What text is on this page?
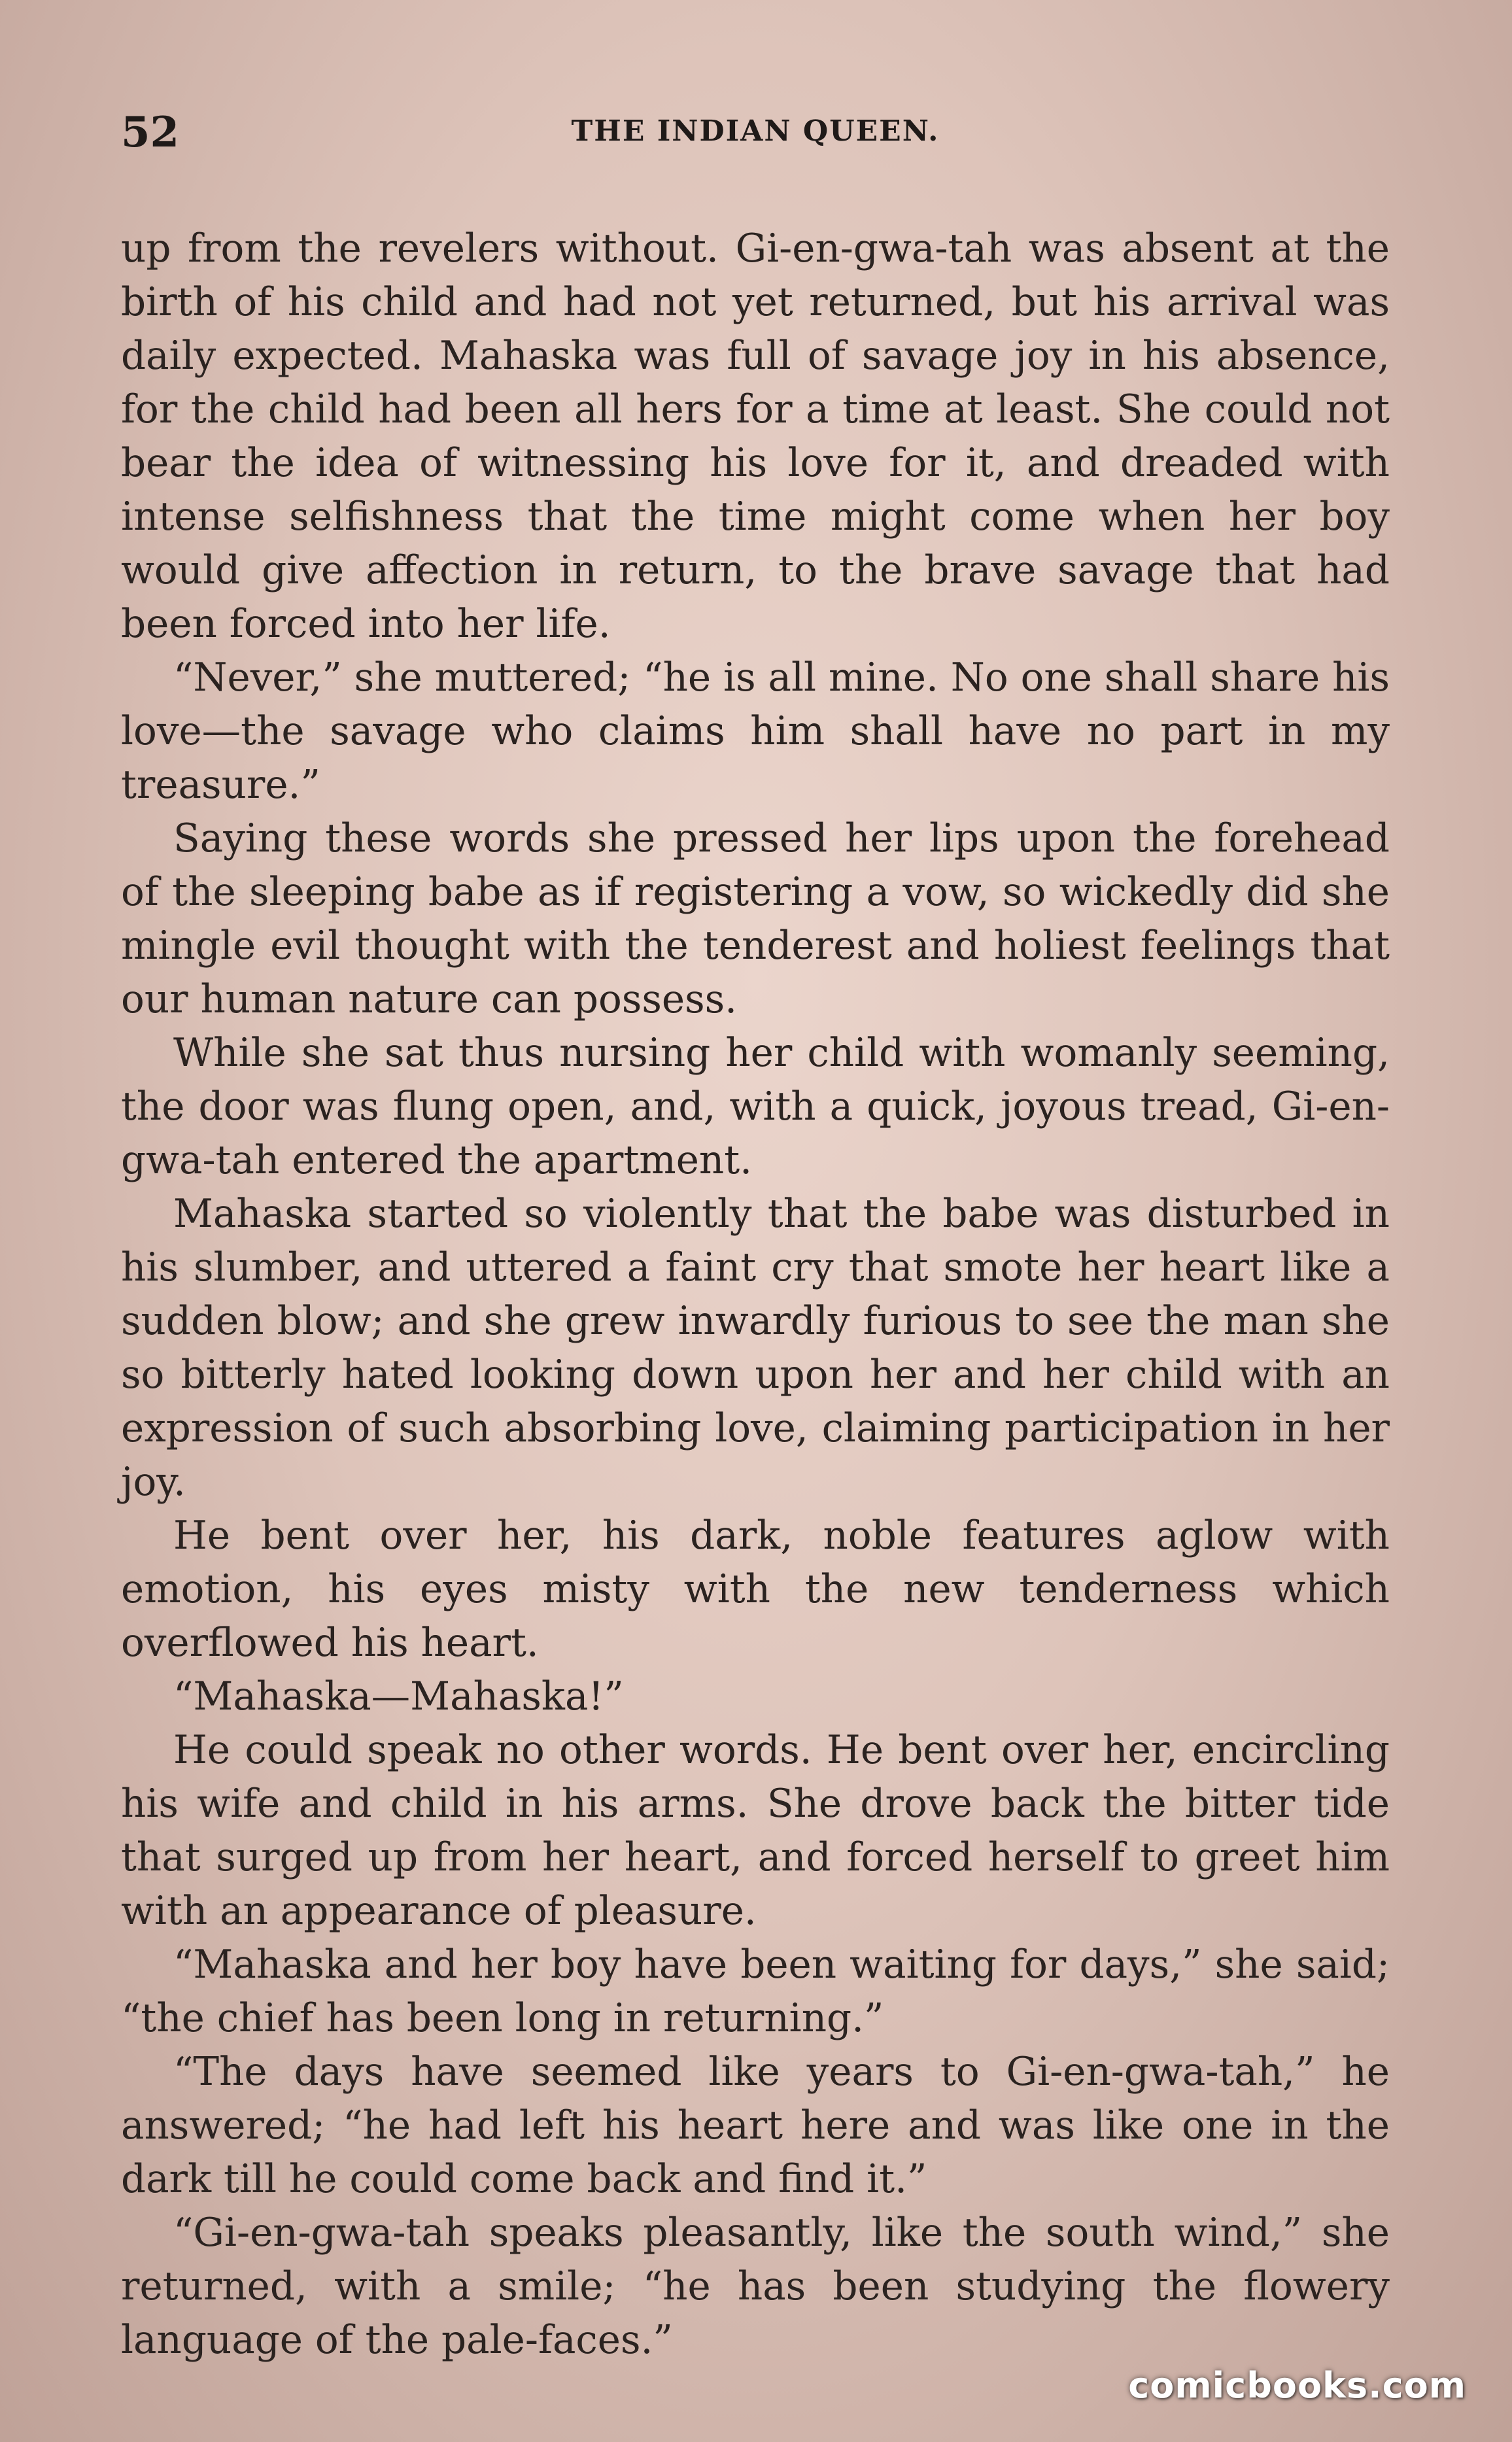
52	THE INDIAN QUEEN.

up from the revelers without. Gi-en-gwa-tah was absent at the birth of his child and had not yet returned, but his arrival was daily expected. Mahaska was full of savage joy in his absence, for the child had been all hers for a time at least. She could not bear the idea of witnessing his love for it, and dreaded with intense selfishness that the time might come when her boy would give affection in return, to the brave savage that had been forced into her life.

“Never,” she muttered; “he is all mine. No one shall share his love—the savage who claims him shall have no part in my treasure.”

Saying these words she pressed her lips upon the forehead of the sleeping babe as if registering a vow, so wickedly did she mingle evil thought with the tenderest and holiest feelings that our human nature can possess.

While she sat thus nursing her child with womanly seeming, the door was flung open, and, with a quick, joyous tread, Gi-en-gwa-tah entered the apartment.

Mahaska started so violently that the babe was disturbed in his slumber, and uttered a faint cry that smote her heart like a sudden blow; and she grew inwardly furious to see the man she so bitterly hated looking down upon her and her child with an expression of such absorbing love, claiming participation in her joy.

He bent over her, his dark, noble features aglow with emotion, his eyes misty with the new tenderness which overflowed his heart.

“Mahaska—Mahaska!”

He could speak no other words. He bent over her, encircling his wife and child in his arms. She drove back the bitter tide that surged up from her heart, and forced herself to greet him with an appearance of pleasure.

“Mahaska and her boy have been waiting for days,” she said; “the chief has been long in returning.”

“The days have seemed like years to Gi-en-gwa-tah,” he answered; “he had left his heart here and was like one in the dark till he could come back and find it.”

“Gi-en-gwa-tah speaks pleasantly, like the south wind,” she returned, with a smile; “he has been studying the flowery language of the pale-faces.”

comicbooks.com
